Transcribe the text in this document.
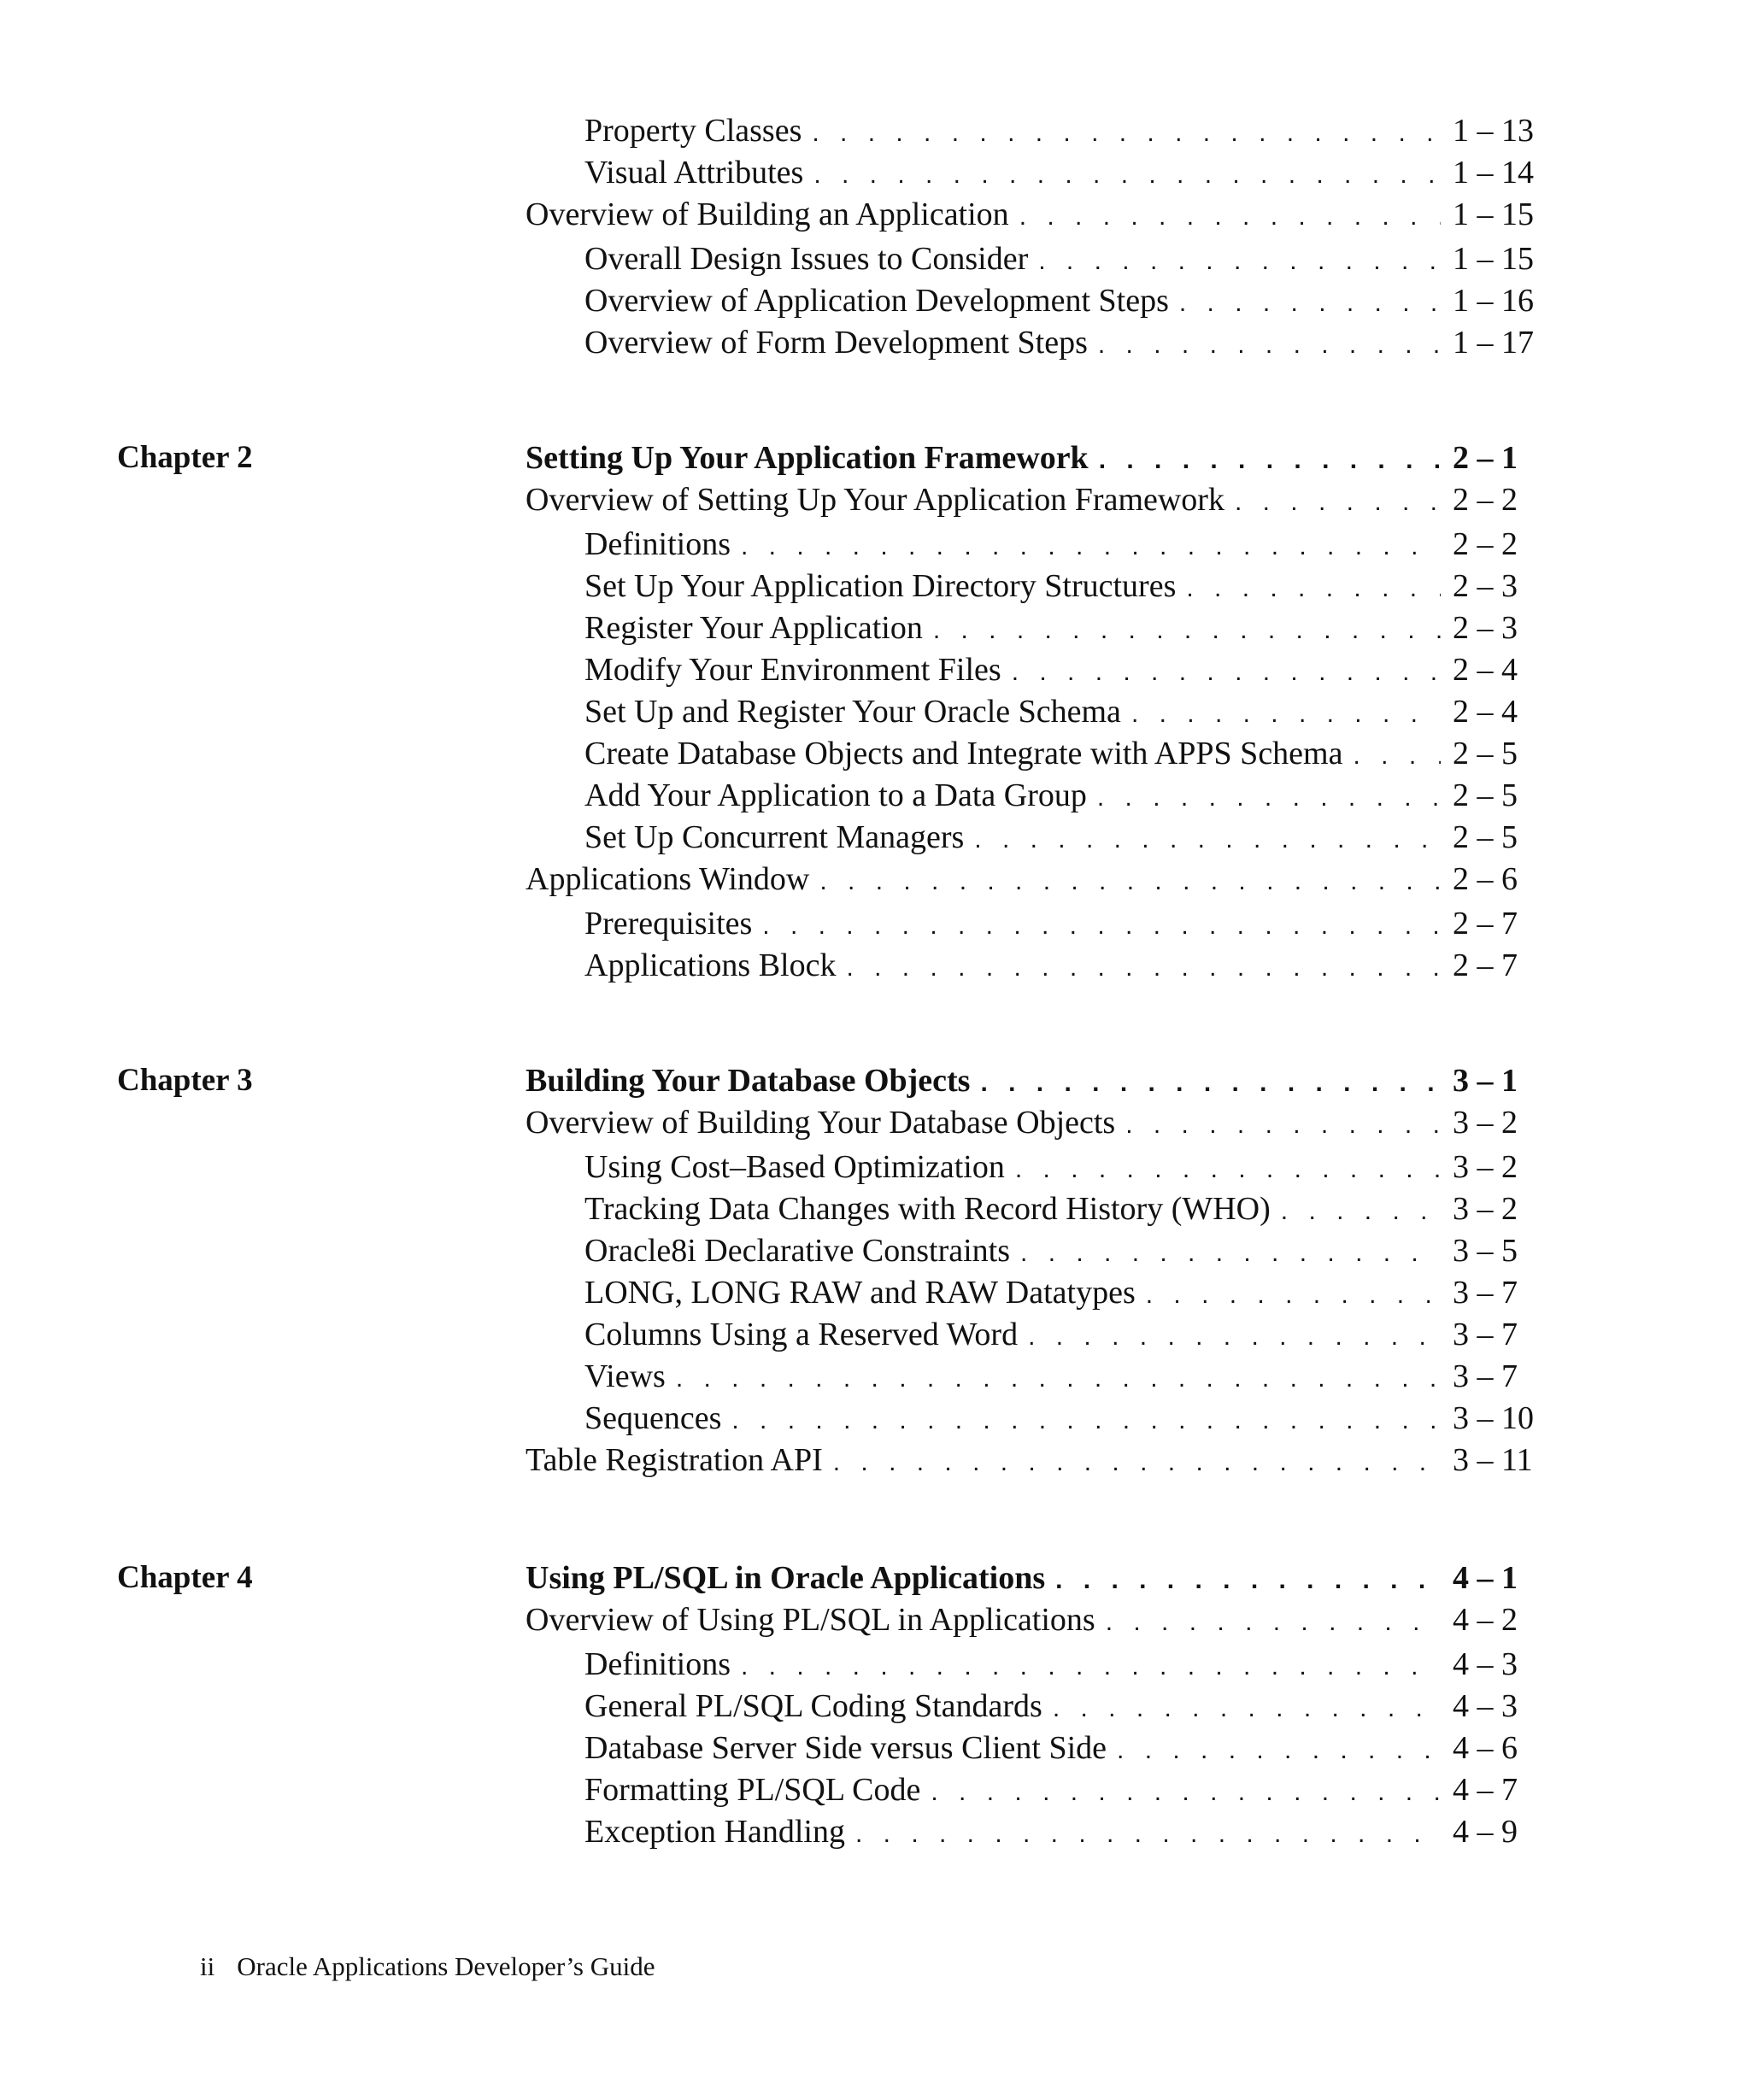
Property Classes . . .	1 – 13
Visual Attributes . . .	1 – 14
Overview of Building an Application . . .	1 – 15
Overall Design Issues to Consider . . .	1 – 15
Overview of Application Development Steps . . .	1 – 16
Overview of Form Development Steps . . .	1 – 17
Chapter 2	Setting Up Your Application Framework . . .	2 – 1
Overview of Setting Up Your Application Framework . . .	2 – 2
Definitions . . .	2 – 2
Set Up Your Application Directory Structures . . .	2 – 3
Register Your Application . . .	2 – 3
Modify Your Environment Files . . .	2 – 4
Set Up and Register Your Oracle Schema . . .	2 – 4
Create Database Objects and Integrate with APPS Schema . . .	2 – 5
Add Your Application to a Data Group . . .	2 – 5
Set Up Concurrent Managers . . .	2 – 5
Applications Window . . .	2 – 6
Prerequisites . . .	2 – 7
Applications Block . . .	2 – 7
Chapter 3	Building Your Database Objects . . .	3 – 1
Overview of Building Your Database Objects . . .	3 – 2
Using Cost–Based Optimization . . .	3 – 2
Tracking Data Changes with Record History (WHO) . . .	3 – 2
Oracle8i Declarative Constraints . . .	3 – 5
LONG, LONG RAW and RAW Datatypes . . .	3 – 7
Columns Using a Reserved Word . . .	3 – 7
Views . . .	3 – 7
Sequences . . .	3 – 10
Table Registration API . . .	3 – 11
Chapter 4	Using PL/SQL in Oracle Applications . . .	4 – 1
Overview of Using PL/SQL in Applications . . .	4 – 2
Definitions . . .	4 – 3
General PL/SQL Coding Standards . . .	4 – 3
Database Server Side versus Client Side . . .	4 – 6
Formatting PL/SQL Code . . .	4 – 7
Exception Handling . . .	4 – 9
ii Oracle Applications Developer’s Guide
